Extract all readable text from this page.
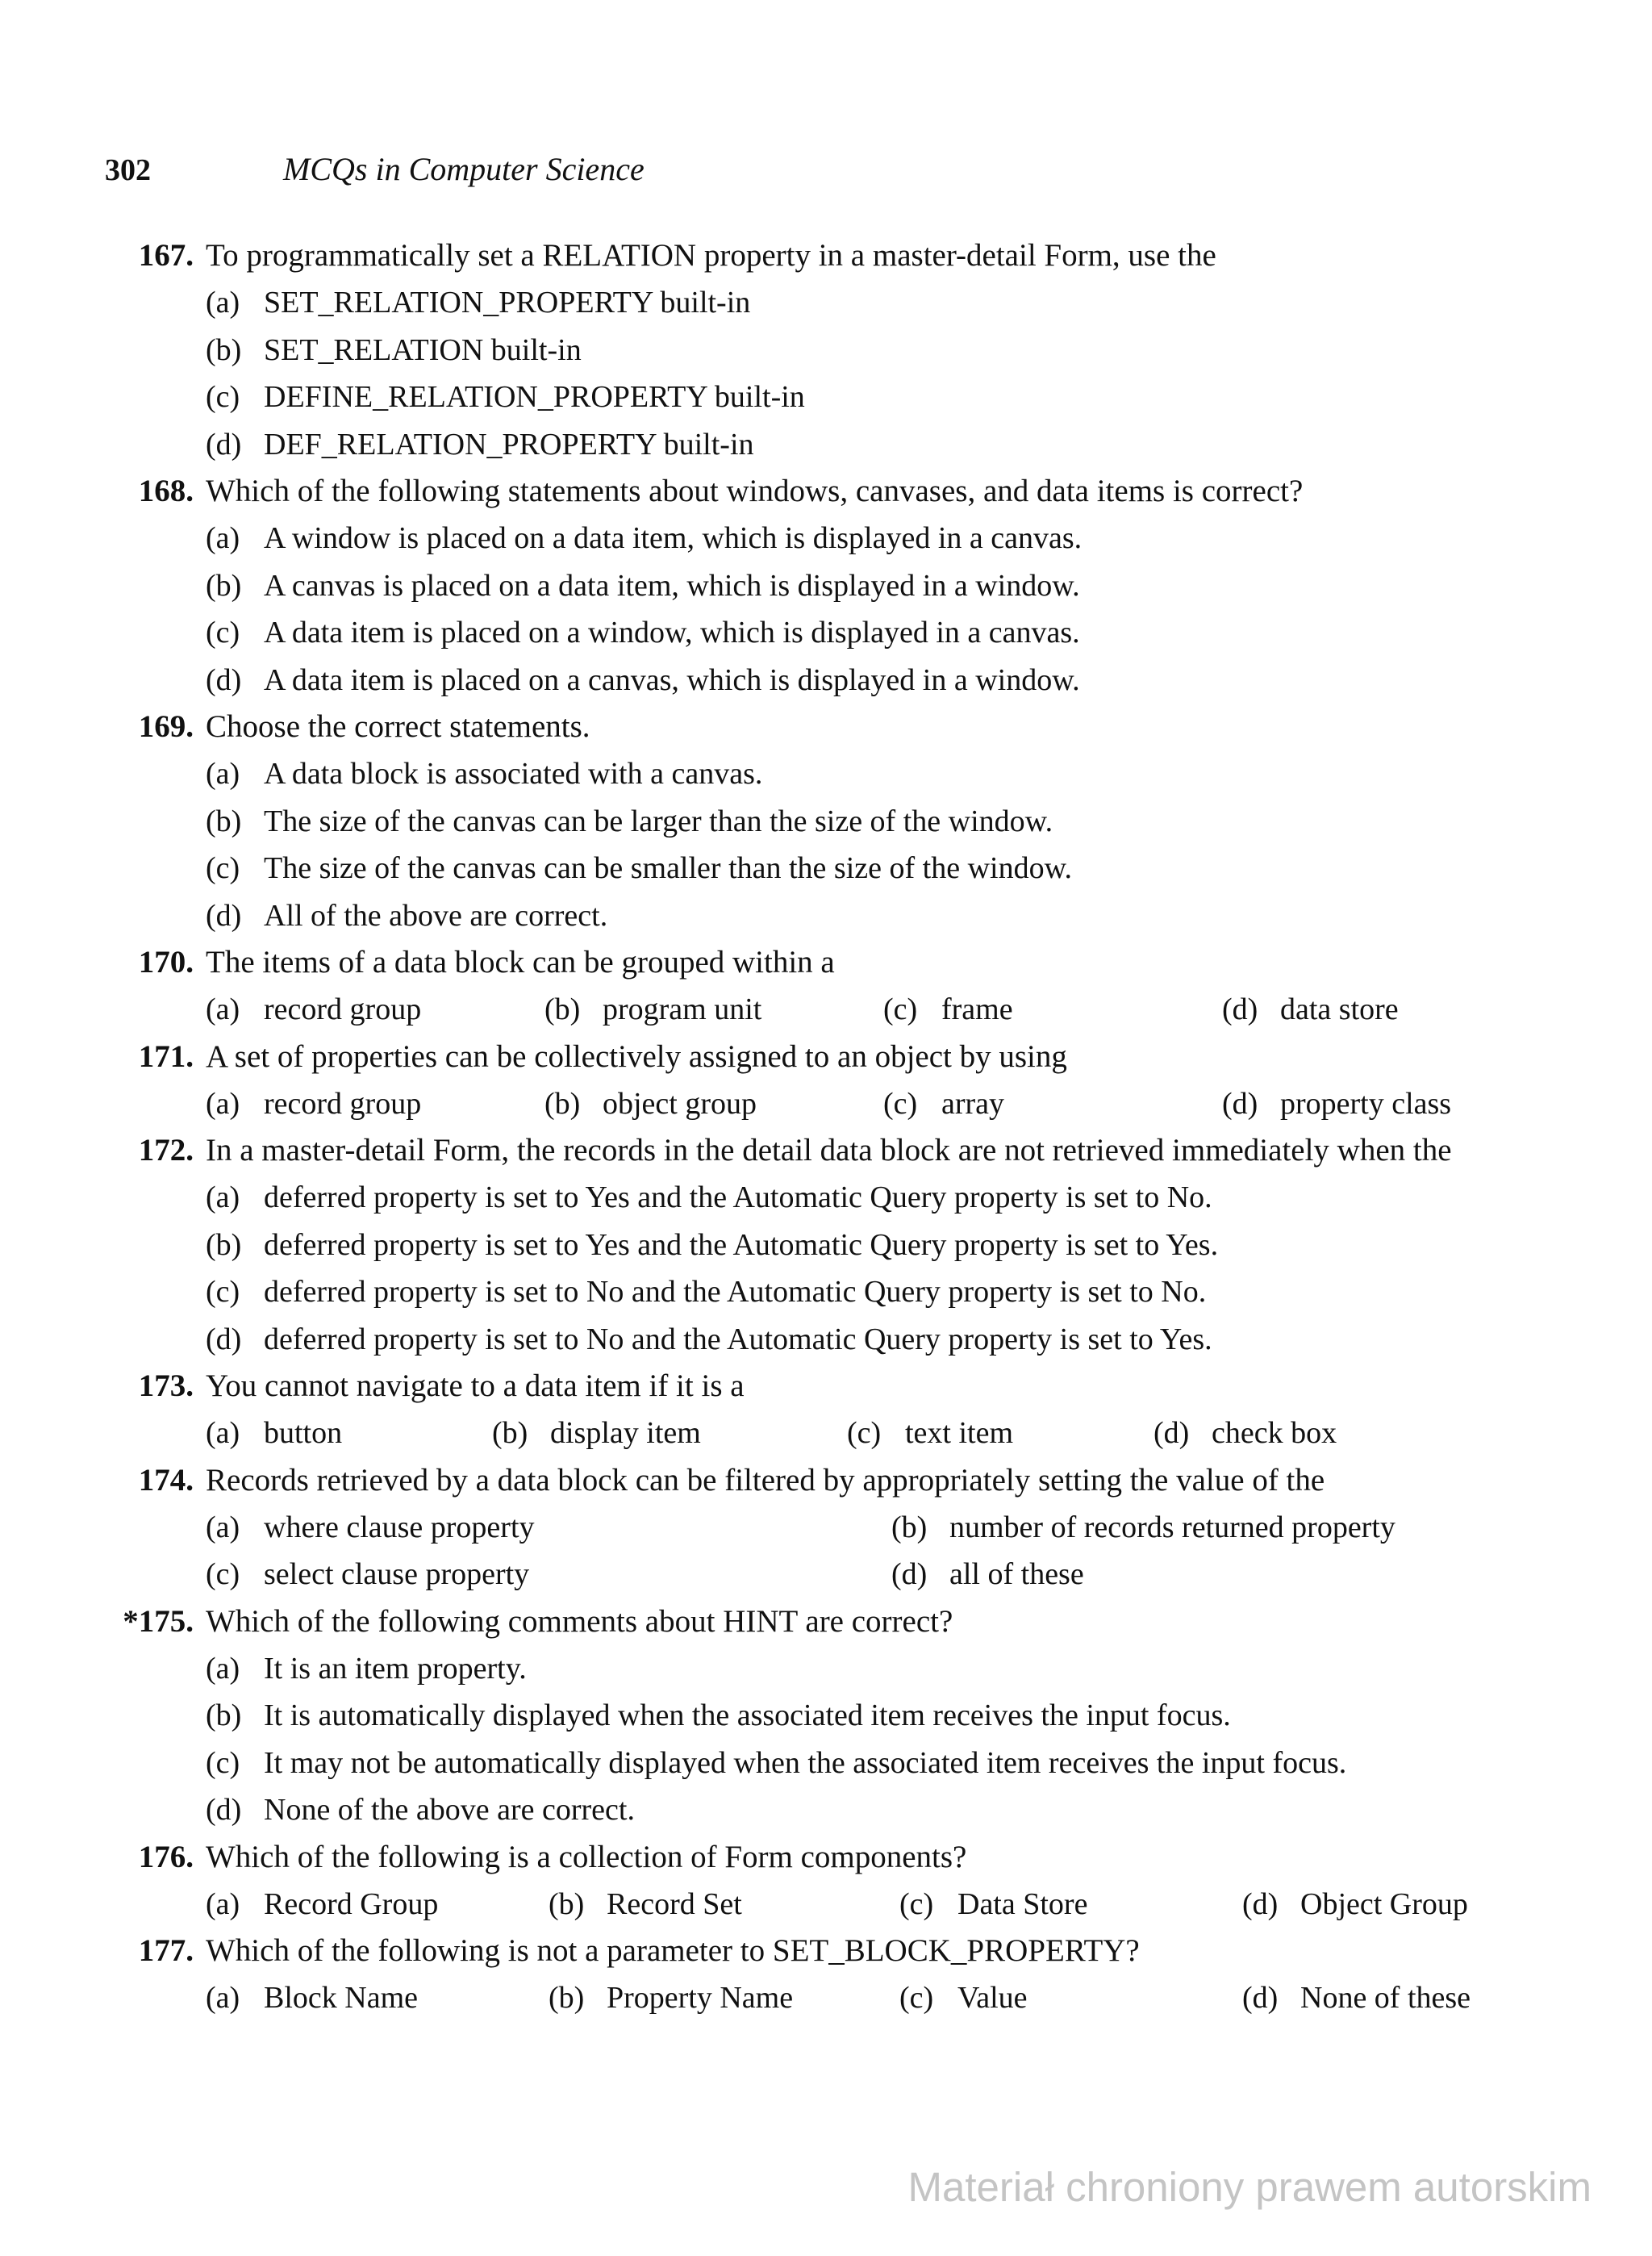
302	MCQs in Computer Science
167. To programmatically set a RELATION property in a master-detail Form, use the
(a) SET_RELATION_PROPERTY built-in
(b) SET_RELATION built-in
(c) DEFINE_RELATION_PROPERTY built-in
(d) DEF_RELATION_PROPERTY built-in
168. Which of the following statements about windows, canvases, and data items is correct?
(a) A window is placed on a data item, which is displayed in a canvas.
(b) A canvas is placed on a data item, which is displayed in a window.
(c) A data item is placed on a window, which is displayed in a canvas.
(d) A data item is placed on a canvas, which is displayed in a window.
169. Choose the correct statements.
(a) A data block is associated with a canvas.
(b) The size of the canvas can be larger than the size of the window.
(c) The size of the canvas can be smaller than the size of the window.
(d) All of the above are correct.
170. The items of a data block can be grouped within a
(a) record group	(b) program unit	(c) frame	(d) data store
171. A set of properties can be collectively assigned to an object by using
(a) record group	(b) object group	(c) array	(d) property class
172. In a master-detail Form, the records in the detail data block are not retrieved immediately when the
(a) deferred property is set to Yes and the Automatic Query property is set to No.
(b) deferred property is set to Yes and the Automatic Query property is set to Yes.
(c) deferred property is set to No and the Automatic Query property is set to No.
(d) deferred property is set to No and the Automatic Query property is set to Yes.
173. You cannot navigate to a data item if it is a
(a) button	(b) display item	(c) text item	(d) check box
174. Records retrieved by a data block can be filtered by appropriately setting the value of the
(a) where clause property	(b) number of records returned property
(c) select clause property	(d) all of these
*175. Which of the following comments about HINT are correct?
(a) It is an item property.
(b) It is automatically displayed when the associated item receives the input focus.
(c) It may not be automatically displayed when the associated item receives the input focus.
(d) None of the above are correct.
176. Which of the following is a collection of Form components?
(a) Record Group	(b) Record Set	(c) Data Store	(d) Object Group
177. Which of the following is not a parameter to SET_BLOCK_PROPERTY?
(a) Block Name	(b) Property Name	(c) Value	(d) None of these
Materiał chroniony prawem autorskim
